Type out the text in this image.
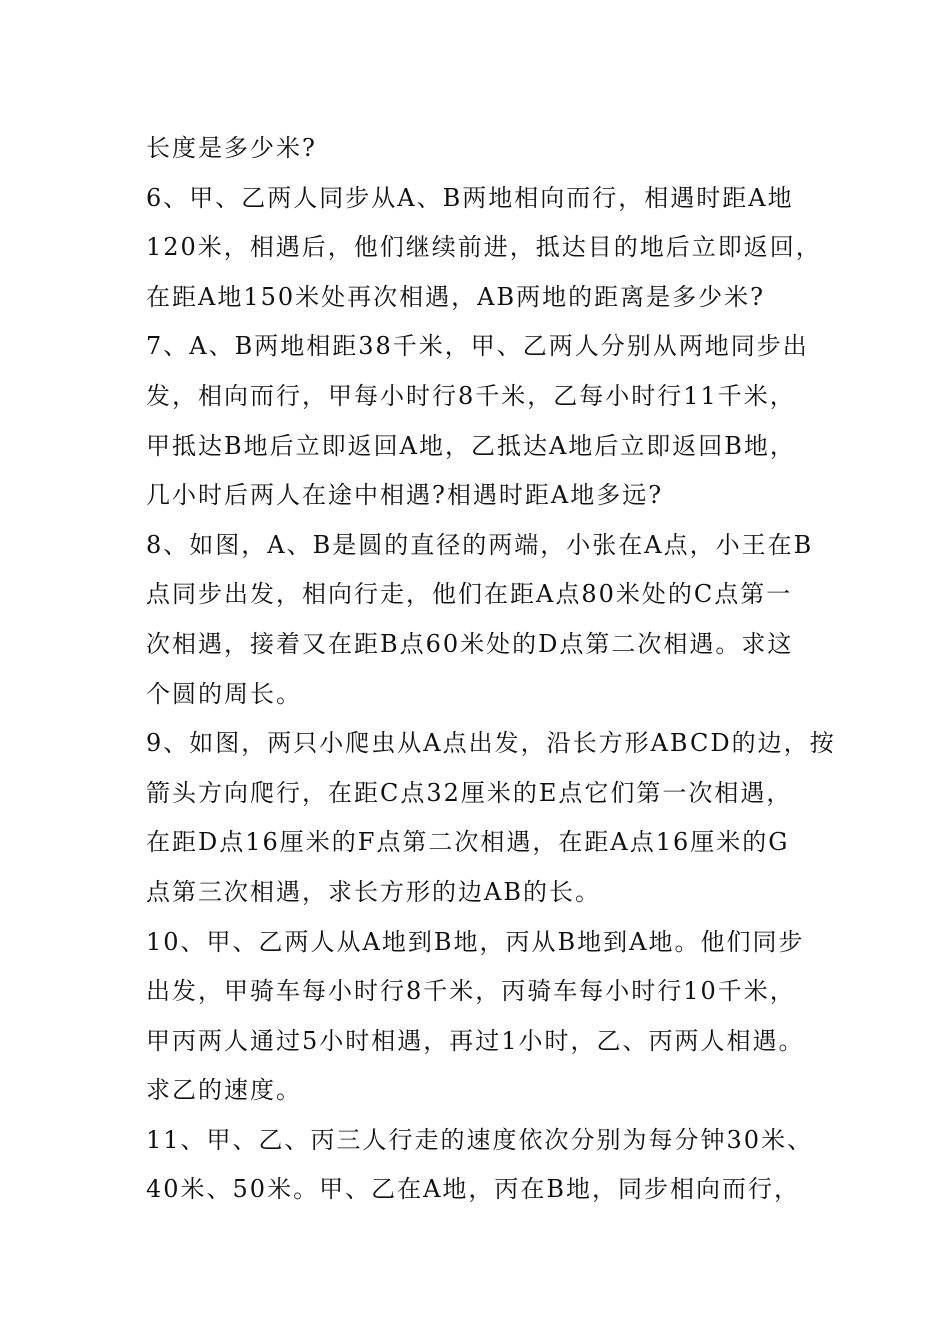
长度是多少米?
6、甲、乙两人同步从A、B两地相向而行，相遇时距A地
120米，相遇后，他们继续前进，抵达目的地后立即返回，
在距A地150米处再次相遇，AB两地的距离是多少米?
7、A、B两地相距38千米，甲、乙两人分别从两地同步出
发，相向而行，甲每小时行8千米，乙每小时行11千米，
甲抵达B地后立即返回A地，乙抵达A地后立即返回B地，
几小时后两人在途中相遇?相遇时距A地多远?
8、如图，A、B是圆的直径的两端，小张在A点，小王在B
点同步出发，相向行走，他们在距A点80米处的C点第一
次相遇，接着又在距B点60米处的D点第二次相遇。求这
个圆的周长。
9、如图，两只小爬虫从A点出发，沿长方形ABCD的边，按
箭头方向爬行，在距C点32厘米的E点它们第一次相遇，
在距D点16厘米的F点第二次相遇，在距A点16厘米的G
点第三次相遇，求长方形的边AB的长。
10、甲、乙两人从A地到B地，丙从B地到A地。他们同步
出发，甲骑车每小时行8千米，丙骑车每小时行10千米，
甲丙两人通过5小时相遇，再过1小时，乙、丙两人相遇。
求乙的速度。
11、甲、乙、丙三人行走的速度依次分别为每分钟30米、
40米、50米。甲、乙在A地，丙在B地，同步相向而行，
